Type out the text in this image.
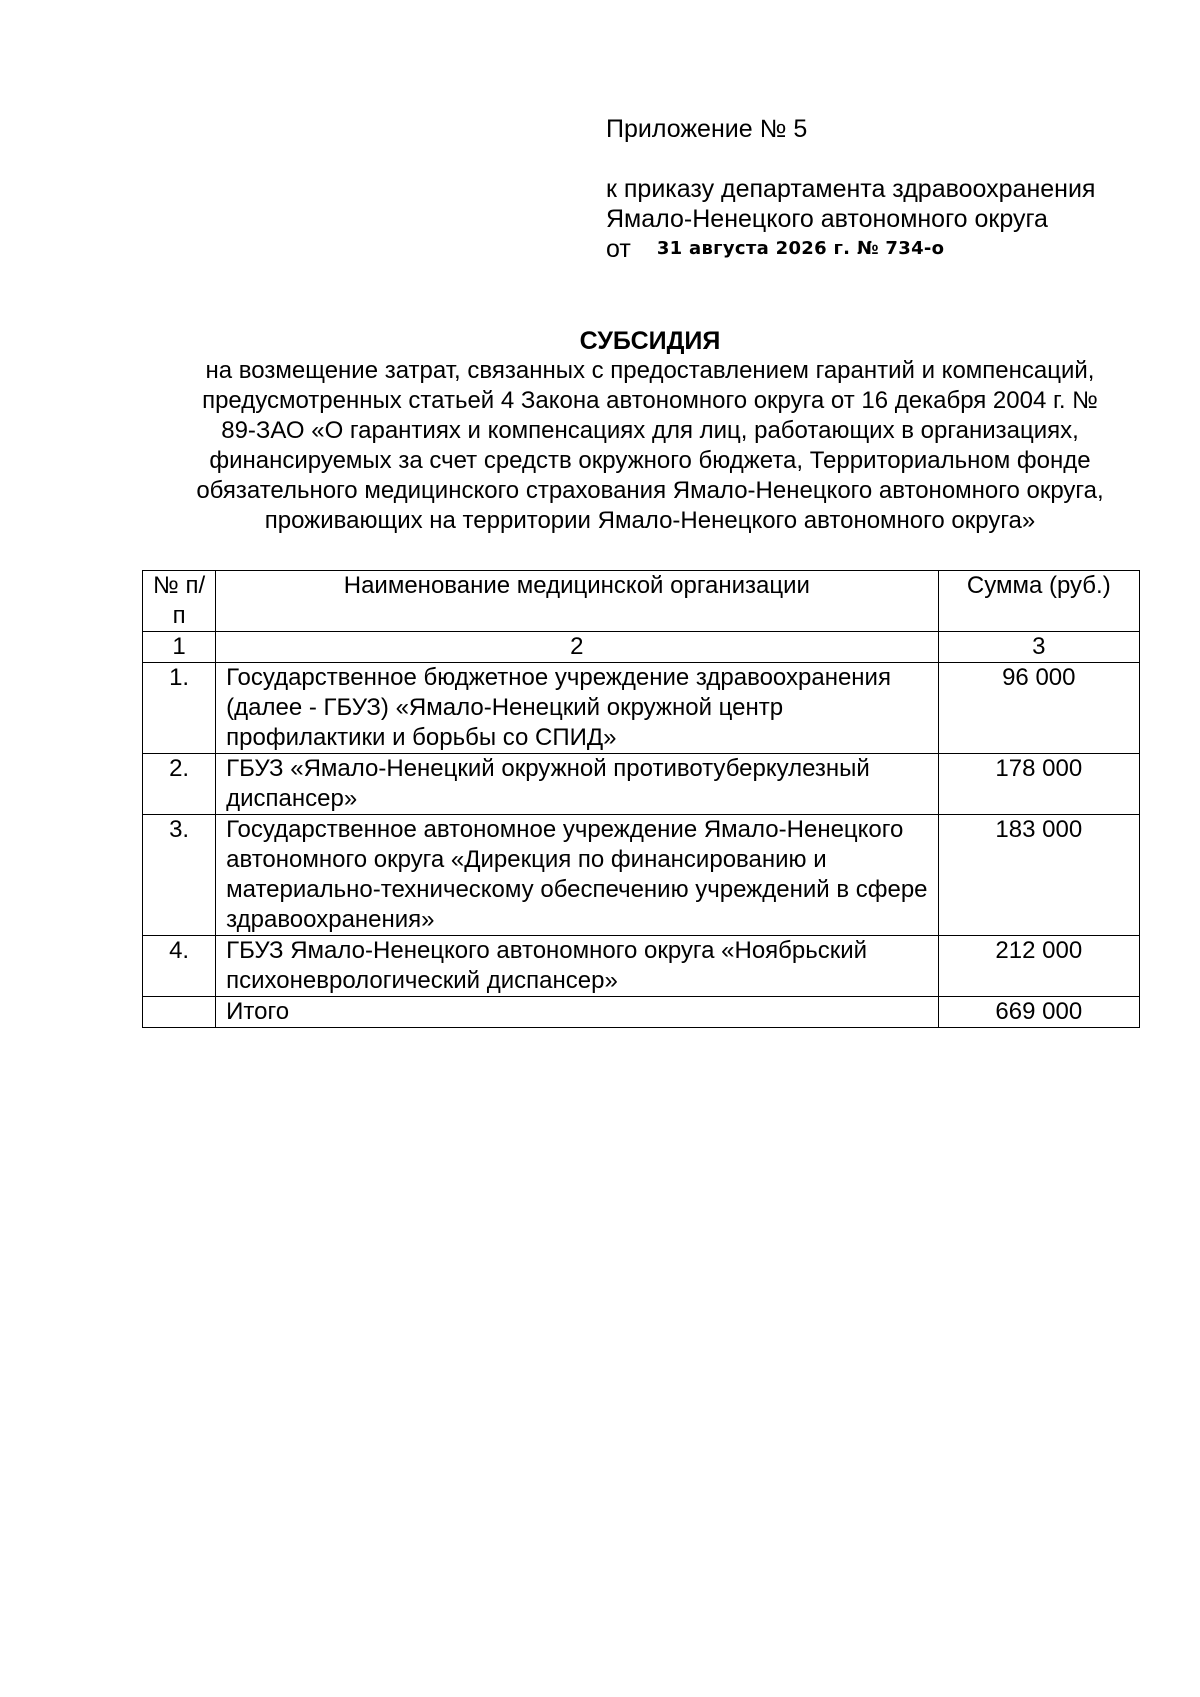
Приложение № 5
к приказу департамента здравоохранения
Ямало-Ненецкого автономного округа
от 31 августа 2026 г. № 734-о
СУБСИДИЯ
на возмещение затрат, связанных с предоставлением гарантий и компенсаций,
предусмотренных статьей 4 Закона автономного округа от 16 декабря 2004 г. №
89-ЗАО «О гарантиях и компенсациях для лиц, работающих в организациях,
финансируемых за счет средств окружного бюджета, Территориальном фонде
обязательного медицинского страхования Ямало-Ненецкого автономного округа,
проживающих на территории Ямало-Ненецкого автономного округа»
№ п/п	Наименование медицинской организации	Сумма (руб.)
1	2	3
1.	Государственное бюджетное учреждение здравоохранения (далее - ГБУЗ) «Ямало-Ненецкий окружной центр профилактики и борьбы со СПИД»	96 000
2.	ГБУЗ «Ямало-Ненецкий окружной противотуберкулезный диспансер»	178 000
3.	Государственное автономное учреждение Ямало-Ненецкого автономного округа «Дирекция по финансированию и материально-техническому обеспечению учреждений в сфере здравоохранения»	183 000
4.	ГБУЗ Ямало-Ненецкого автономного округа «Ноябрьский психоневрологический диспансер»	212 000
	Итого	669 000
